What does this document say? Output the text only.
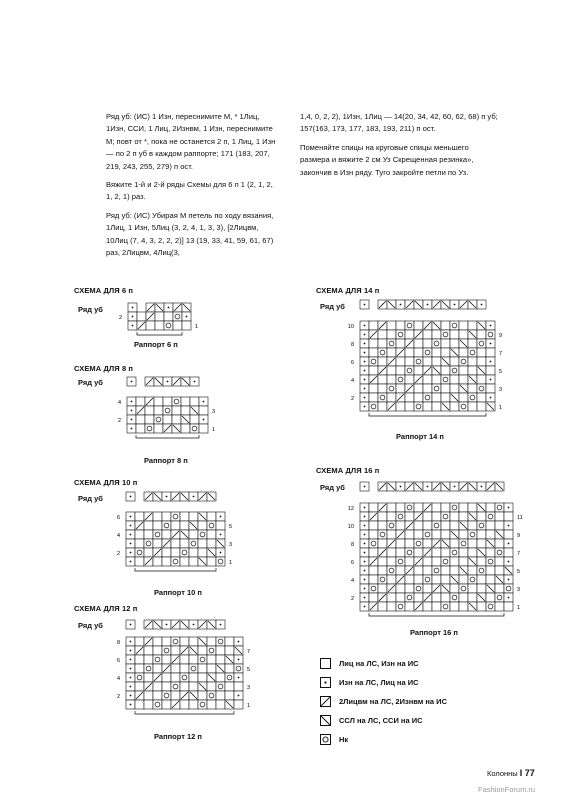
Ряд уб: (ИС) 1 Изн, переснимите М, * 1Лиц, 1Изн, ССИ, 1 Лиц, 2Изнвм, 1 Изн, переснимите М; повт от *, пока не останется 2 п, 1 Лиц, 1 Изн — по 2 п уб в каждом раппорте; 171 (183, 207, 219, 243, 255, 279) п ост.

Вяжите 1-й и 2-й ряды Схемы для 6 п 1 (2, 1, 2, 1, 2, 1) раз.

Ряд уб: (ИС) Убирая М петель по ходу вязания, 1Лиц, 1 Изн, 5Лиц (3, 2, 4, 1, 3, 3), [2Лицвм, 10Лиц (7, 4, 3, 2, 2, 2)] 13 (19, 33, 41, 59, 61, 67) раз, 2Лицвм, 4Лиц(3,

1,4, 0, 2, 2), 1Изн, 1Лиц — 14(20, 34, 42, 60, 62, 68) п уб; 157(163, 173, 177, 183, 193, 211) п ост.

Поменяйте спицы на круговые спицы меньшего размера и вяжите 2 см Уз Скрещенная резинка», закончив в Изн ряду. Тугo закройте петли по Уз.

СХЕМА ДЛЯ 6 п
Ряд уб
Раппорт 6 п
СХЕМА ДЛЯ 8 п
Ряд уб
Раппорт 8 п
СХЕМА ДЛЯ 10 п
Ряд уб
Раппорт 10 п
СХЕМА ДЛЯ 12 п
Ряд уб
Раппорт 12 п
СХЕМА ДЛЯ 14 п
Ряд уб
Раппорт 14 п
СХЕМА ДЛЯ 16 п
Ряд уб
Раппорт 16 п
2
1
4
2
3
1
6
4
2
5
3
1
8
6
4
2
7
5
3
1
10
8
6
4
2
9
7
5
3
1
12
10
8
6
4
2
11
9
7
5
3
1
Лиц на ЛС, Изн на ИС
Изн на ЛС, Лиц на ИС
2Лицвм на ЛС, 2Изнвм на ИС
ССЛ на ЛС, ССИ на ИС
Нк
Колонны I 77
FashionForum.ru
